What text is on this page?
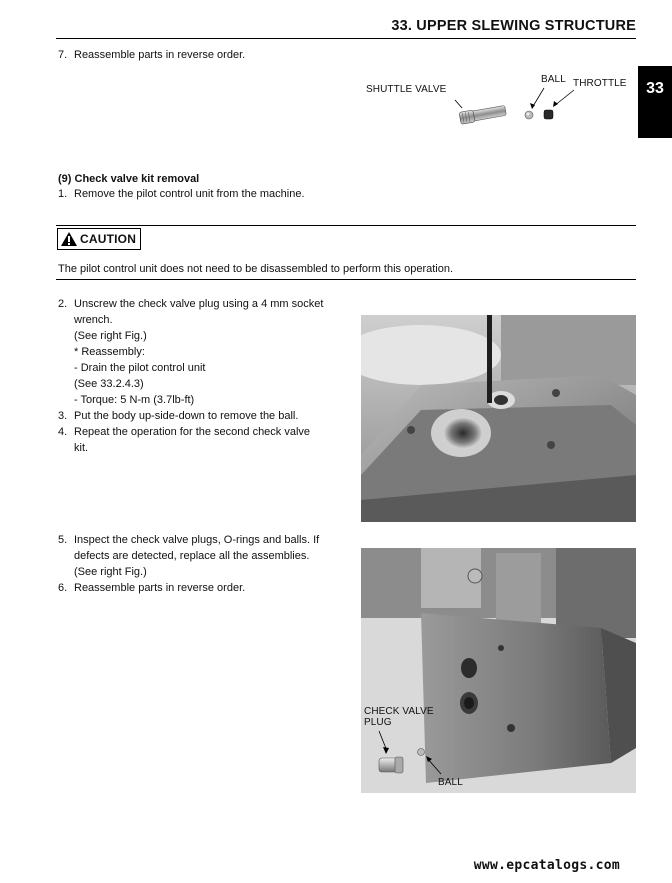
33. UPPER SLEWING STRUCTURE
33
7. Reassemble parts in reverse order.
SHUTTLE VALVE
BALL THROTTLE
(9) Check valve kit removal
1. Remove the pilot control unit from the machine.
CAUTION
The pilot control unit does not need to be disassembled to perform this operation.
2. Unscrew the check valve plug using a 4 mm socket
wrench.
(See right Fig.)
* Reassembly:
- Drain the pilot control unit
(See 33.2.4.3)
- Torque: 5 N-m (3.7lb-ft)
3. Put the body up-side-down to remove the ball.
4. Repeat the operation for the second check valve
kit.
5. Inspect the check valve plugs, O-rings and balls. If
defects are detected, replace all the assemblies.
(See right Fig.)
6. Reassemble parts in reverse order.
CHECK VALVE
PLUG
BALL
www.epcatalogs.com
